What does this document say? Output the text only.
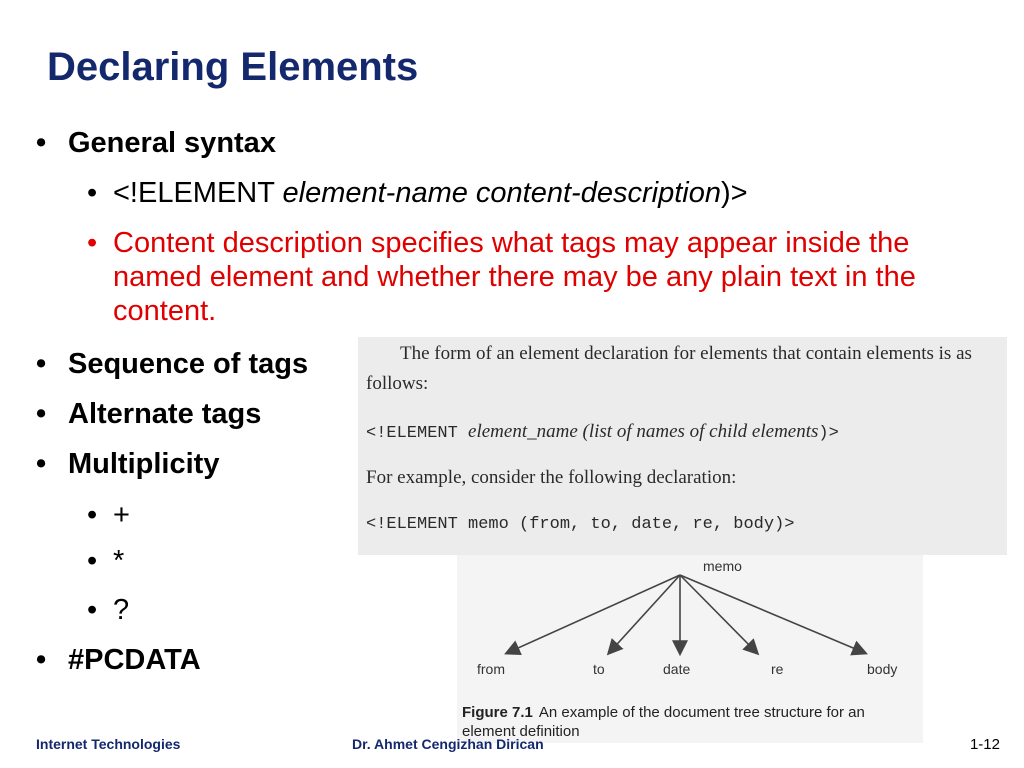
Declaring Elements
• General syntax
• <!ELEMENT element-name content-description)>
• Content description specifies what tags may appear inside the named element and whether there may be any plain text in the content.
• Sequence of tags
• Alternate tags
• Multiplicity
• +
• *
• ?
• #PCDATA
The form of an element declaration for elements that contain elements is as
follows:
<!ELEMENT element_name (list of names of child elements)>
For example, consider the following declaration:
<!ELEMENT memo (from, to, date, re, body)>
memo
from	to	date	re	body
Figure 7.1 An example of the document tree structure for an element definition
Internet Technologies	Dr. Ahmet Cengizhan Dirican	1-12
